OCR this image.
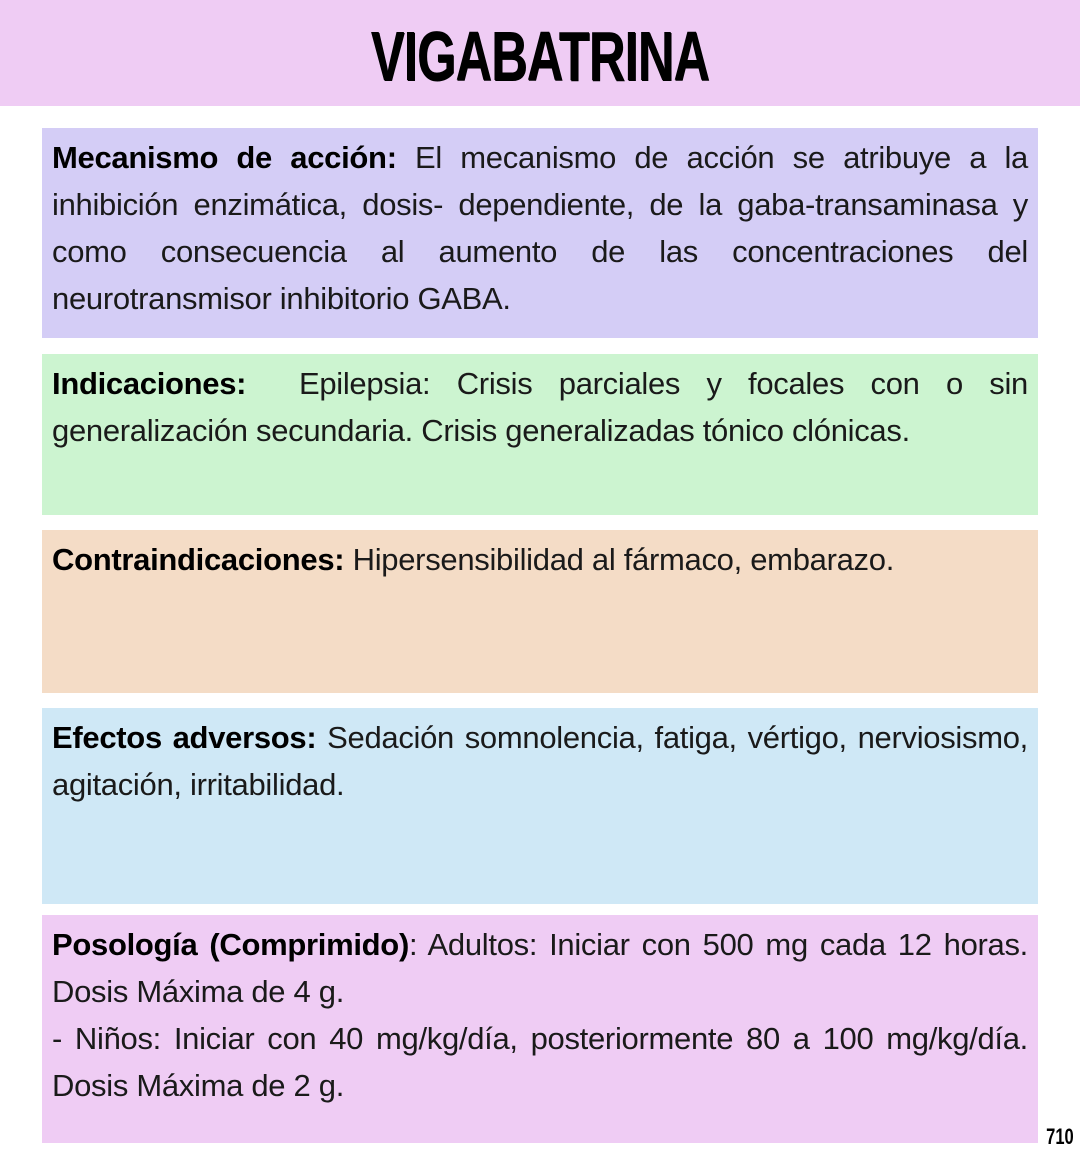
VIGABATRINA
Mecanismo de acción: El mecanismo de acción se atribuye a la inhibición enzimática, dosis- dependiente, de la gaba-transaminasa y como consecuencia al aumento de las concentraciones del neurotransmisor inhibitorio GABA.
Indicaciones:  Epilepsia: Crisis parciales y focales con o sin generalización secundaria. Crisis generalizadas tónico clónicas.
Contraindicaciones: Hipersensibilidad al fármaco, embarazo.
Efectos adversos: Sedación somnolencia, fatiga, vértigo, nerviosismo, agitación, irritabilidad.
Posología (Comprimido): Adultos: Iniciar con 500 mg cada 12 horas. Dosis Máxima de 4 g.
- Niños: Iniciar con 40 mg/kg/día, posteriormente 80 a 100 mg/kg/día. Dosis Máxima de 2 g.
710
